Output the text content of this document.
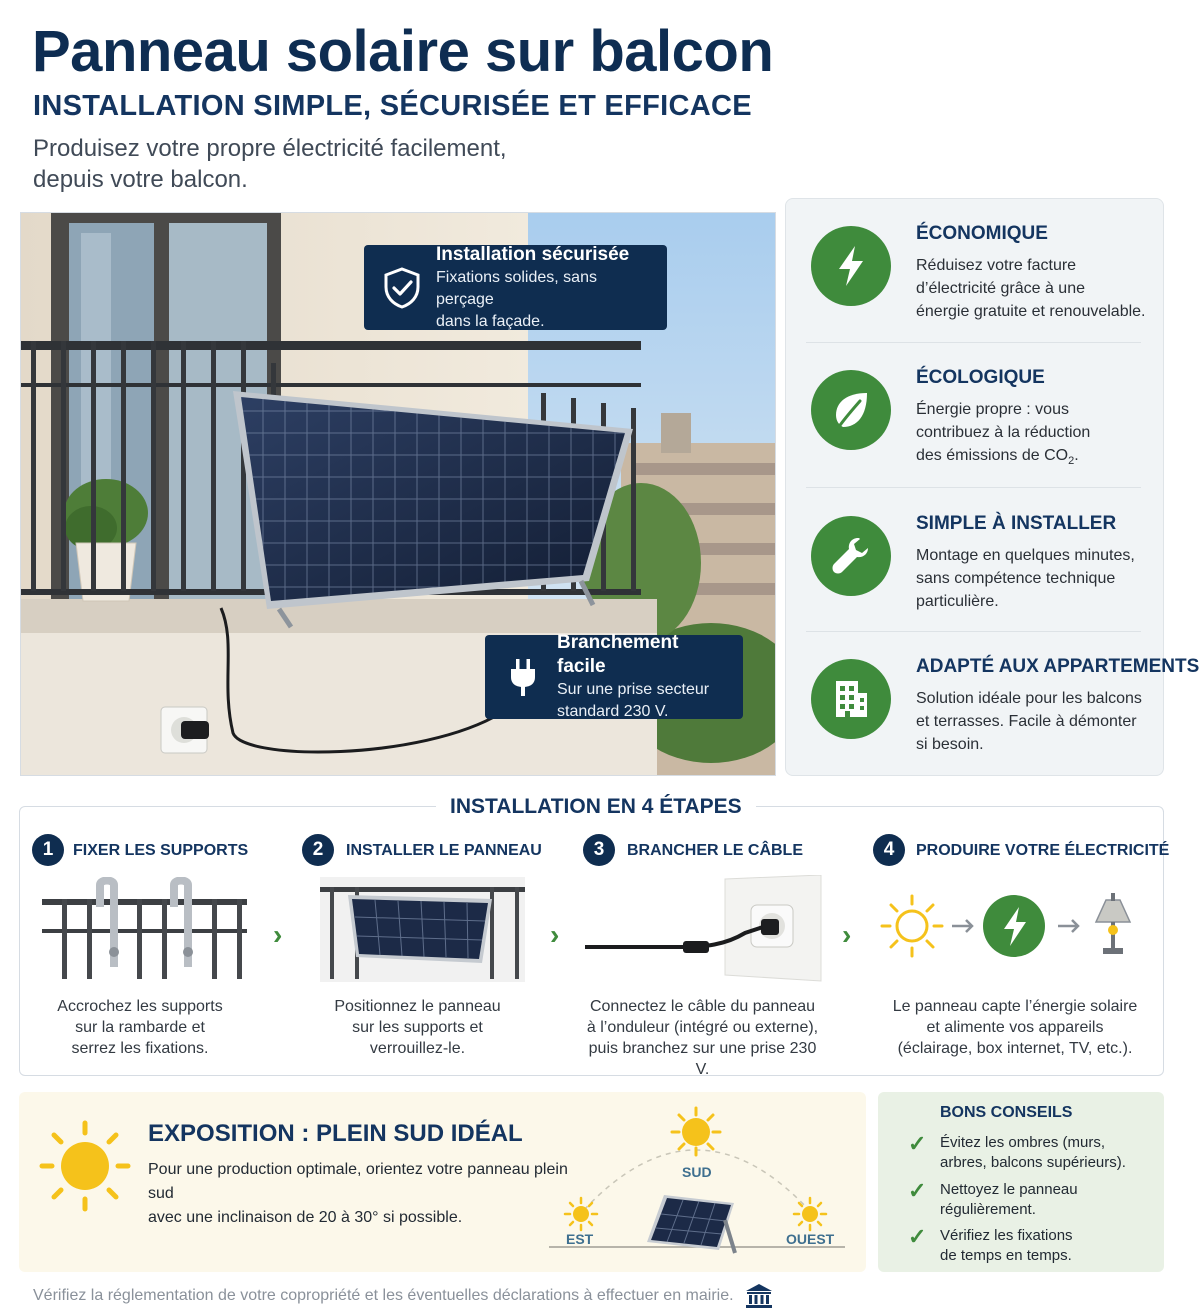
Panneau solaire sur balcon
INSTALLATION SIMPLE, SÉCURISÉE ET EFFICACE
Produisez votre propre électricité facilement,
depuis votre balcon.
Installation sécurisée
Fixations solides, sans perçage
dans la façade.
Branchement facile
Sur une prise secteur
standard 230 V.
ÉCONOMIQUE
Réduisez votre facture
d’électricité grâce à une
énergie gratuite et renouvelable.
ÉCOLOGIQUE
Énergie propre : vous
contribuez à la réduction
des émissions de $CO_2$.
SIMPLE À INSTALLER
Montage en quelques minutes,
sans compétence technique
particulière.
ADAPTÉ AUX APPARTEMENTS
Solution idéale pour les balcons
et terrasses. Facile à démonter
si besoin.
1	FIXER LES SUPPORTS
Accrochez les supports
sur la rambarde et
serrez les fixations.
›
2	INSTALLER LE PANNEAU
Positionnez le panneau
sur les supports et
verrouillez-le.
›
3	BRANCHER LE CÂBLE
Connectez le câble du panneau
à l’onduleur (intégré ou externe),
puis branchez sur une prise 230 V.
›
4	PRODUIRE VOTRE ÉLECTRICITÉ
Le panneau capte l’énergie solaire
et alimente vos appareils
(éclairage, box internet, TV, etc.).
INSTALLATION EN 4 ÉTAPES
EXPOSITION : PLEIN SUD IDÉAL
Pour une production optimale, orientez votre panneau plein sud
avec une inclinaison de 20 à 30° si possible.
EST
SUD
OUEST
BONS CONSEILS
✓ Évitez les ombres (murs,
arbres, balcons supérieurs).
✓ Nettoyez le panneau
régulièrement.
✓ Vérifiez les fixations
de temps en temps.
Vérifiez la réglementation de votre copropriété et les éventuelles déclarations à effectuer en mairie.
